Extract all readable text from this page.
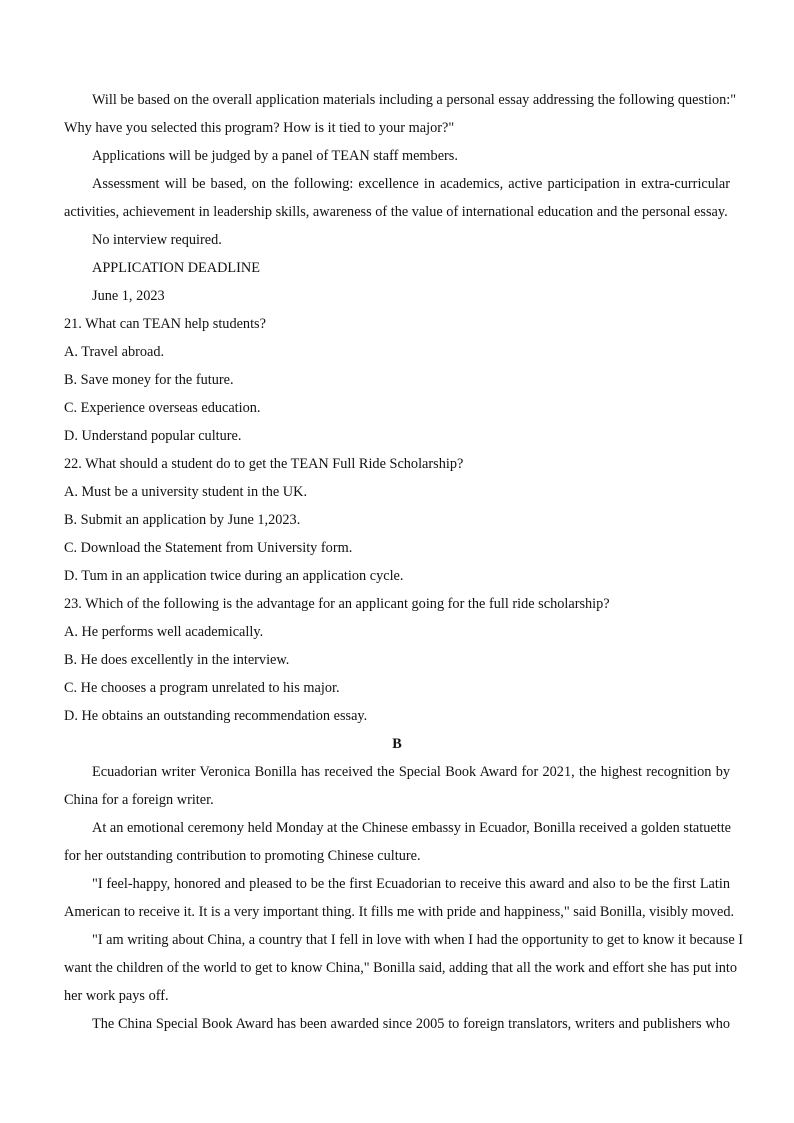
Will be based on the overall application materials including a personal essay addressing the following question:"
Why have you selected this program? How is it tied to your major?"
Applications will be judged by a panel of TEAN staff members.
Assessment will be based, on the following: excellence in academics, active participation in extra-curricular
activities, achievement in leadership skills, awareness of the value of international education and the personal essay.
No interview required.
APPLICATION DEADLINE
June 1, 2023
21. What can TEAN help students?
A. Travel abroad.
B. Save money for the future.
C. Experience overseas education.
D. Understand popular culture.
22. What should a student do to get the TEAN Full Ride Scholarship?
A. Must be a university student in the UK.
B. Submit an application by June 1,2023.
C. Download the Statement from University form.
D. Tum in an application twice during an application cycle.
23. Which of the following is the advantage for an applicant going for the full ride scholarship?
A. He performs well academically.
B. He does excellently in the interview.
C. He chooses a program unrelated to his major.
D. He obtains an outstanding recommendation essay.
B
Ecuadorian writer Veronica Bonilla has received the Special Book Award for 2021, the highest recognition by
China for a foreign writer.
At an emotional ceremony held Monday at the Chinese embassy in Ecuador, Bonilla received a golden statuette
for her outstanding contribution to promoting Chinese culture.
"I feel-happy, honored and pleased to be the first Ecuadorian to receive this award and also to be the first Latin
American to receive it. It is a very important thing. It fills me with pride and happiness," said Bonilla, visibly moved.
"I am writing about China, a country that I fell in love with when I had the opportunity to get to know it because I
want the children of the world to get to know China," Bonilla said, adding that all the work and effort she has put into
her work pays off.
The China Special Book Award has been awarded since 2005 to foreign translators, writers and publishers who
